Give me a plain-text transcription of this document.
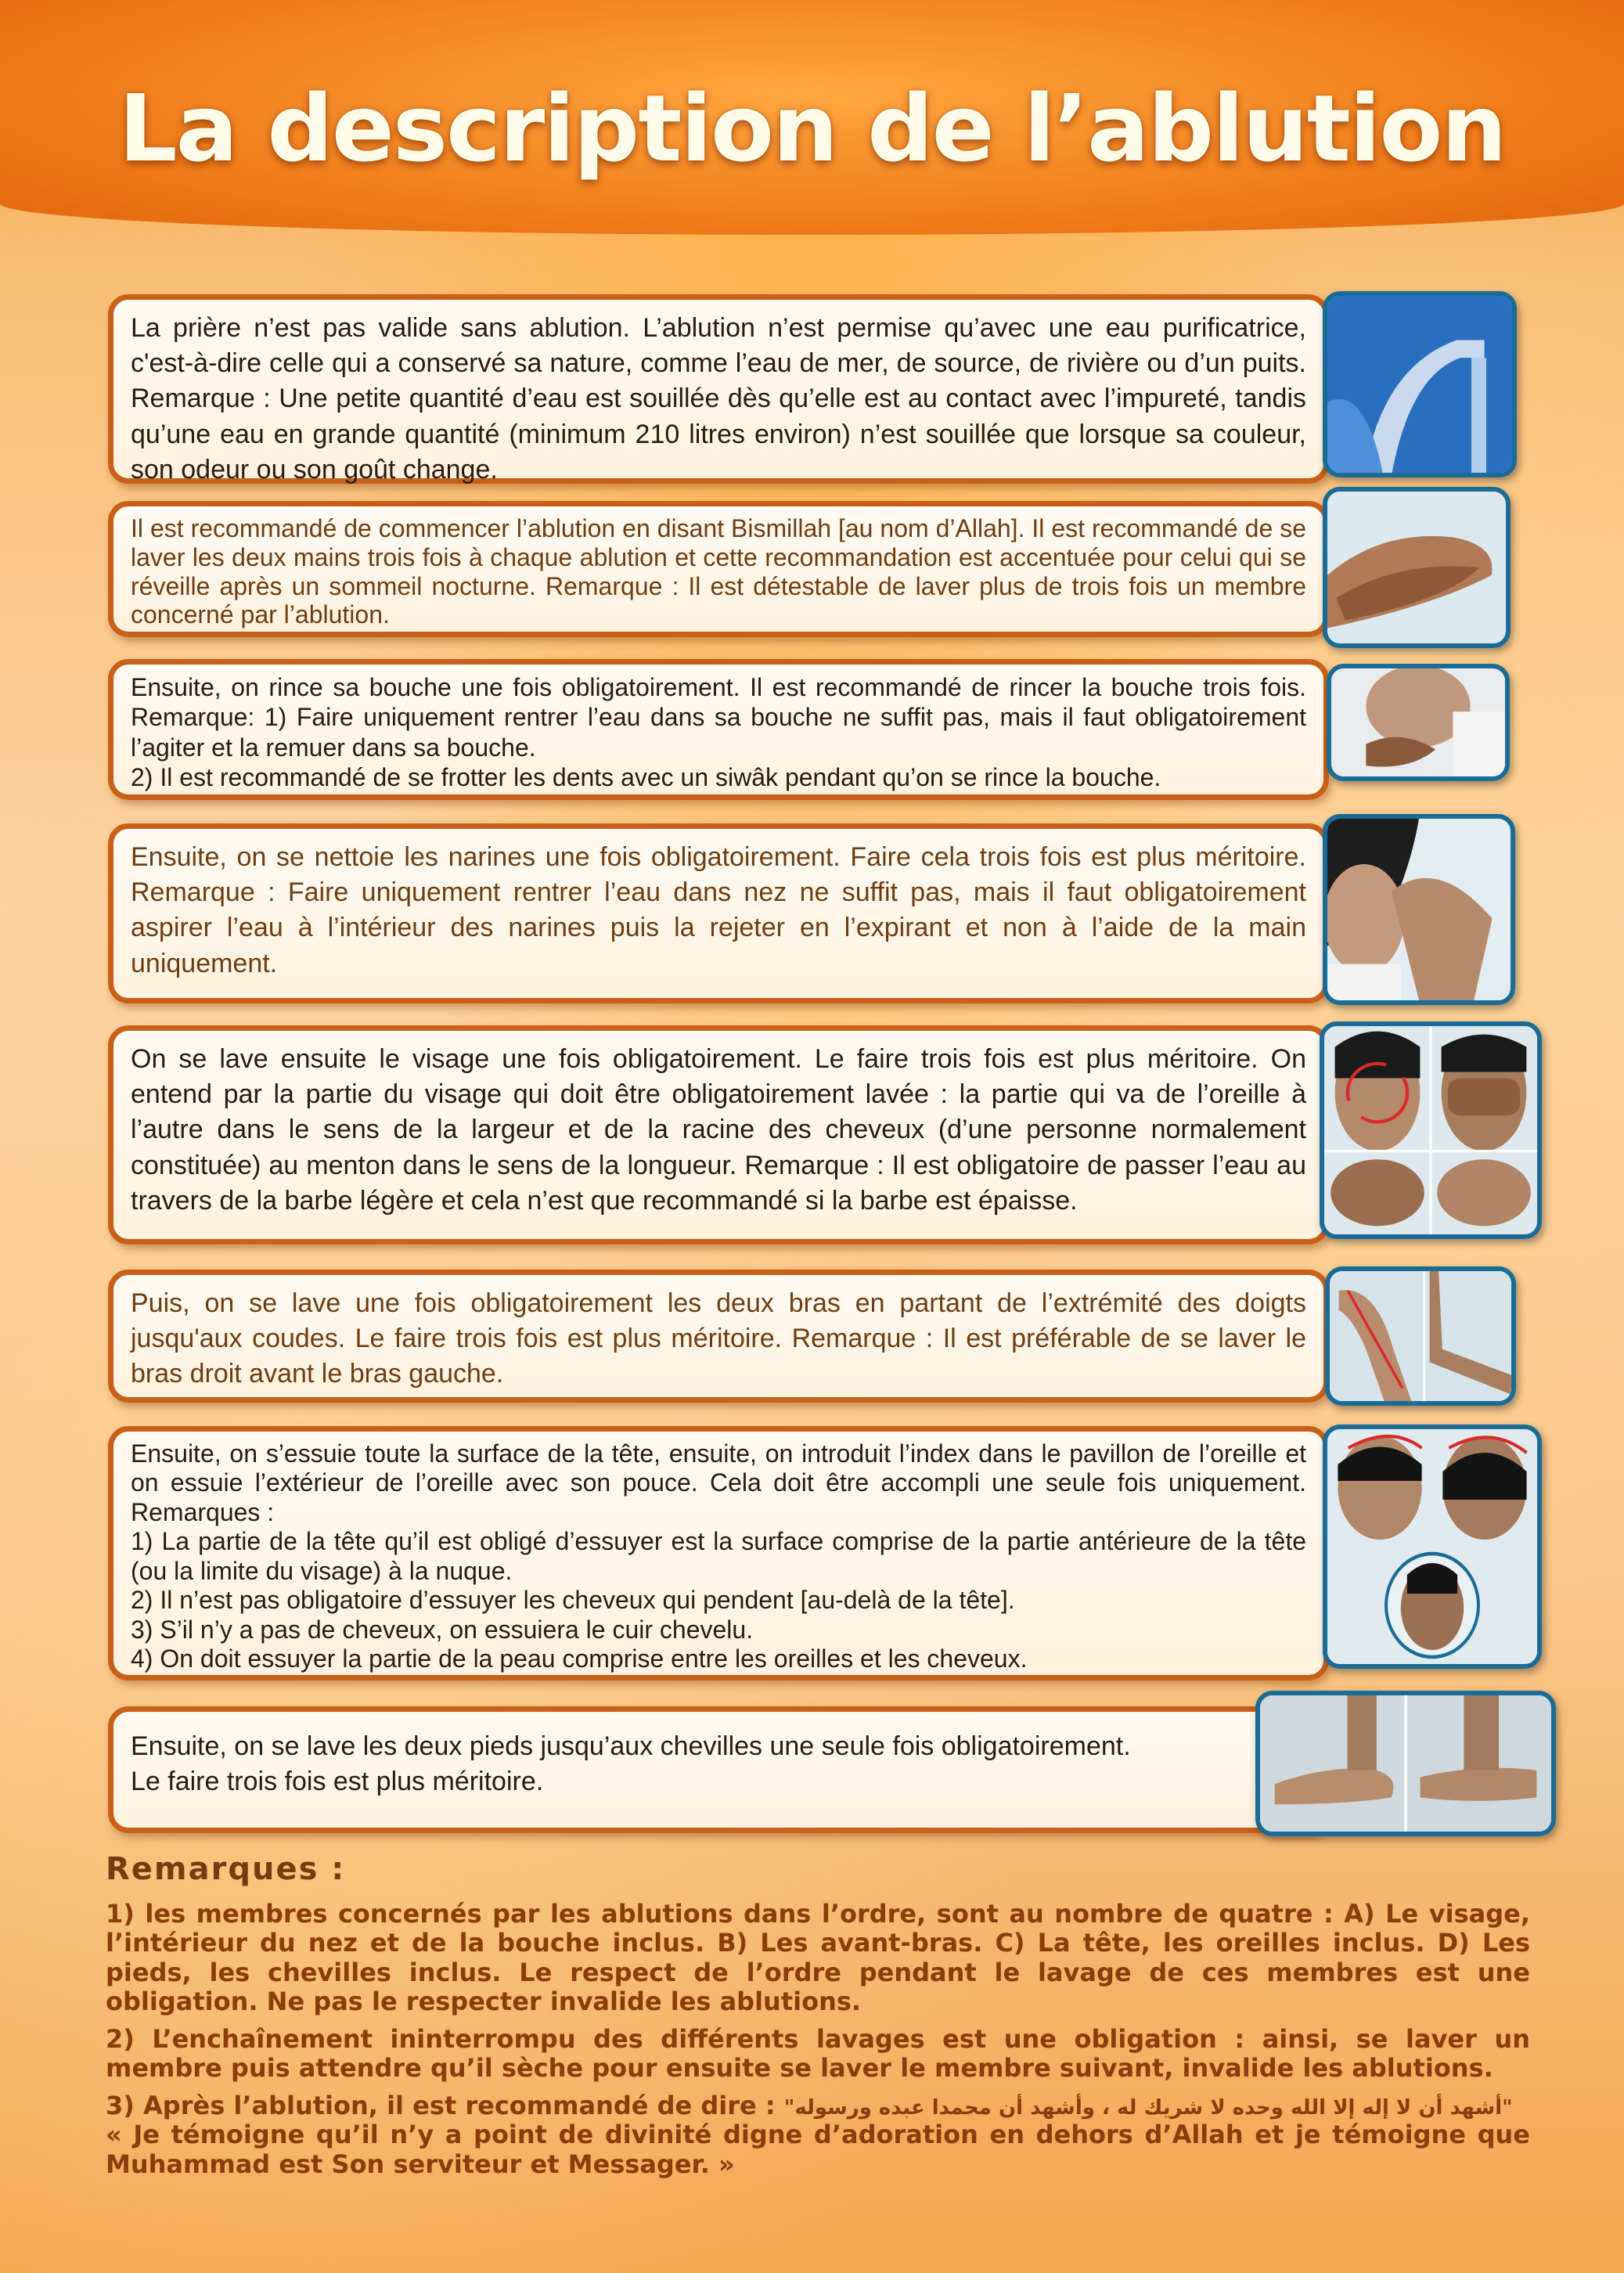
La description de l’ablution

La prière n’est pas valide sans ablution. L’ablution n’est permise qu’avec une eau purificatrice, c'est-à-dire celle qui a conservé sa nature, comme l’eau de mer, de source, de rivière ou d’un puits. Remarque : Une petite quantité d’eau est souillée dès qu’elle est au contact avec l’impureté, tandis qu’une eau en grande quantité (minimum 210 litres environ) n’est souillée que lorsque sa couleur, son odeur ou son goût change.

Il est recommandé de commencer l’ablution en disant Bismillah [au nom d’Allah]. Il est recommandé de se laver les deux mains trois fois à chaque ablution et cette recommandation est accentuée pour celui qui se réveille après un sommeil nocturne. Remarque : Il est détestable de laver plus de trois fois un membre concerné par l’ablution.

Ensuite, on rince sa bouche une fois obligatoirement. Il est recommandé de rincer la bouche trois fois. Remarque: 1) Faire uniquement rentrer l’eau dans sa bouche ne suffit pas, mais il faut obligatoirement l’agiter et la remuer dans sa bouche.
2) Il est recommandé de se frotter les dents avec un siwâk pendant qu’on se rince la bouche.

Ensuite, on se nettoie les narines une fois obligatoirement. Faire cela trois fois est plus méritoire. Remarque : Faire uniquement rentrer l’eau dans nez ne suffit pas, mais il faut obligatoirement aspirer l’eau à l’intérieur des narines puis la rejeter en l’expirant et non à l’aide de la main uniquement.

On se lave ensuite le visage une fois obligatoirement. Le faire trois fois est plus méritoire. On entend par la partie du visage qui doit être obligatoirement lavée : la partie qui va de l’oreille à l’autre dans le sens de la largeur et de la racine des cheveux (d’une personne normalement constituée) au menton dans le sens de la longueur. Remarque : Il est obligatoire de passer l’eau au travers de la barbe légère et cela n’est que recommandé si la barbe est épaisse.

Puis, on se lave une fois obligatoirement les deux bras en partant de l’extrémité des doigts jusqu'aux coudes. Le faire trois fois est plus méritoire. Remarque : Il est préférable de se laver le bras droit avant le bras gauche.

Ensuite, on s’essuie toute la surface de la tête, ensuite, on introduit l’index dans le pavillon de l’oreille et on essuie l’extérieur de l’oreille avec son pouce. Cela doit être accompli une seule fois uniquement. Remarques :
1) La partie de la tête qu’il est obligé d’essuyer est la surface comprise de la partie antérieure de la tête (ou la limite du visage) à la nuque.
2) Il n’est pas obligatoire d’essuyer les cheveux qui pendent [au-delà de la tête].
3) S’il n’y a pas de cheveux, on essuiera le cuir chevelu.
4) On doit essuyer la partie de la peau comprise entre les oreilles et les cheveux.

Ensuite, on se lave les deux pieds jusqu’aux chevilles une seule fois obligatoirement.
Le faire trois fois est plus méritoire.

Remarques :

1) les membres concernés par les ablutions dans l’ordre, sont au nombre de quatre : A) Le visage, l’intérieur du nez et de la bouche inclus. B) Les avant-bras. C) La tête, les oreilles inclus. D) Les pieds, les chevilles inclus. Le respect de l’ordre pendant le lavage de ces membres est une obligation. Ne pas le respecter invalide les ablutions.

2) L’enchaînement ininterrompu des différents lavages est une obligation : ainsi, se laver un membre puis attendre qu’il sèche pour ensuite se laver le membre suivant, invalide les ablutions.

3) Après l’ablution, il est recommandé de dire : "أشهد أن لا إله إلا الله وحده لا شريك له ، وأشهد أن محمدا عبده ورسوله"

« Je témoigne qu’il n’y a point de divinité digne d’adoration en dehors d’Allah et je témoigne que Muhammad est Son serviteur et Messager. »
